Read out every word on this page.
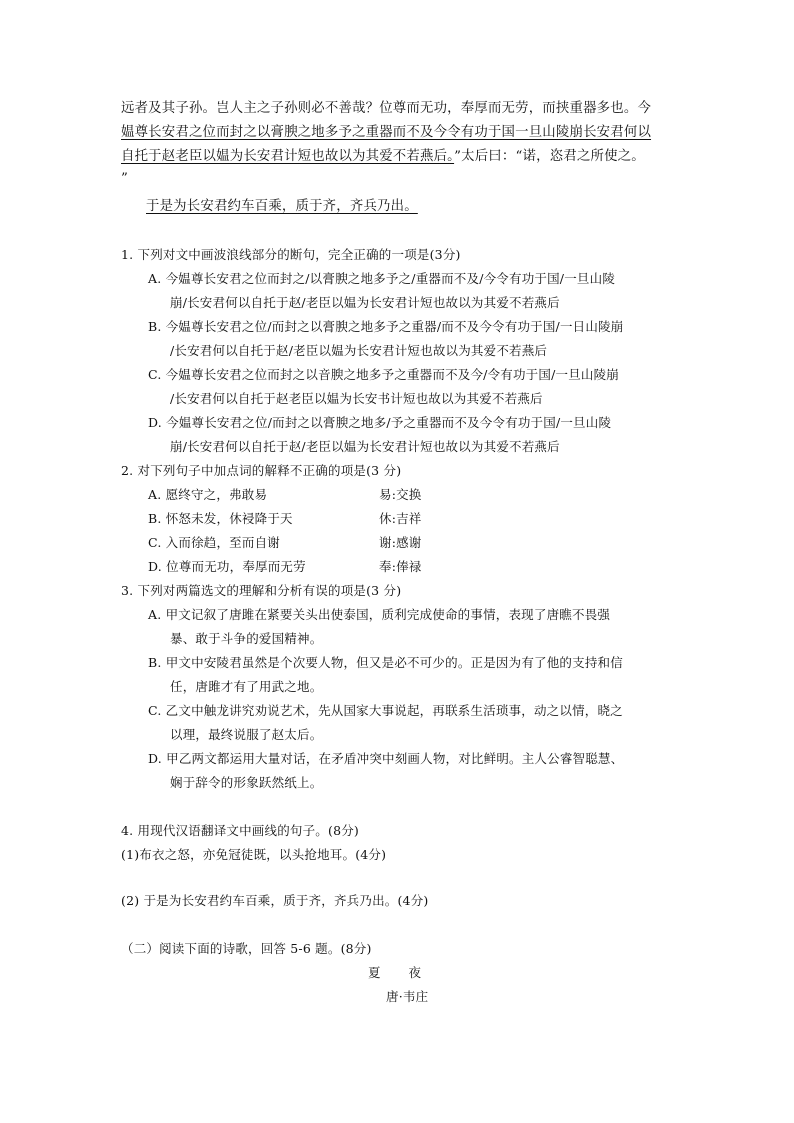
远者及其子孙。岂人主之子孙则必不善哉？位尊而无功，奉厚而无劳，而挟重器多也。今
媪尊长安君之位而封之以膏腴之地多予之重器而不及今令有功于国一旦山陵崩长安君何以
自托于赵老臣以媪为长安君计短也故以为其爱不若燕后。”太后曰：“诺，恣君之所使之。
”
于是为长安君约车百乘，质于齐，齐兵乃出。
1. 下列对文中画波浪线部分的断句，完全正确的一项是(3分)
A. 今媪尊长安君之位而封之/以膏腴之地多予之/重器而不及/今令有功于国/一旦山陵
崩/长安君何以自托于赵/老臣以媪为长安君计短也故以为其爱不若燕后
B. 今媪尊长安君之位/而封之以膏腴之地多予之重器/而不及今令有功于国/一日山陵崩
/长安君何以自托于赵/老臣以媪为长安君计短也故以为其爱不若燕后
C. 今媪尊长安君之位而封之以音腴之地多予之重器而不及今/令有功于国/一旦山陵崩
/长安君何以自托于赵老臣以媪为长安书计短也故以为其爱不若燕后
D. 今媪尊长安君之位/而封之以膏腴之地多/予之重器而不及今令有功于国/一旦山陵
崩/长安君何以自托于赵/老臣以媪为长安君计短也故以为其爱不若燕后
2. 对下列句子中加点词的解释不正确的项是(3 分)
A. 愿终守之，弗敢易	易:交换
B. 怀怒未发，休祲降于天	休:吉祥
C. 入而徐趋，至而自谢	谢:感谢
D. 位尊而无功，奉厚而无劳	奉:俸禄
3. 下列对两篇选文的理解和分析有误的项是(3 分)
A. 甲文记叙了唐雎在紧要关头出使泰国，质利完成使命的事情，表现了唐瞧不畏强
暴、敢于斗争的爱国精神。
B. 甲文中安陵君虽然是个次要人物，但又是必不可少的。正是因为有了他的支持和信
任，唐雎才有了用武之地。
C. 乙文中触龙讲究劝说艺术，先从国家大事说起，再联系生活琐事，动之以情，晓之
以理，最终说服了赵太后。
D. 甲乙两文都运用大量对话，在矛盾冲突中刻画人物，对比鲜明。主人公睿智聪慧、
娴于辞令的形象跃然纸上。
4. 用现代汉语翻译文中画线的句子。(8分)
(1)布衣之怒，亦免冠徒既，以头抢地耳。(4分)
(2) 于是为长安君约车百乘，质于齐，齐兵乃出。(4分)
（二）阅读下面的诗歌，回答 5-6 题。(8分)
夏 夜
唐·韦庄
